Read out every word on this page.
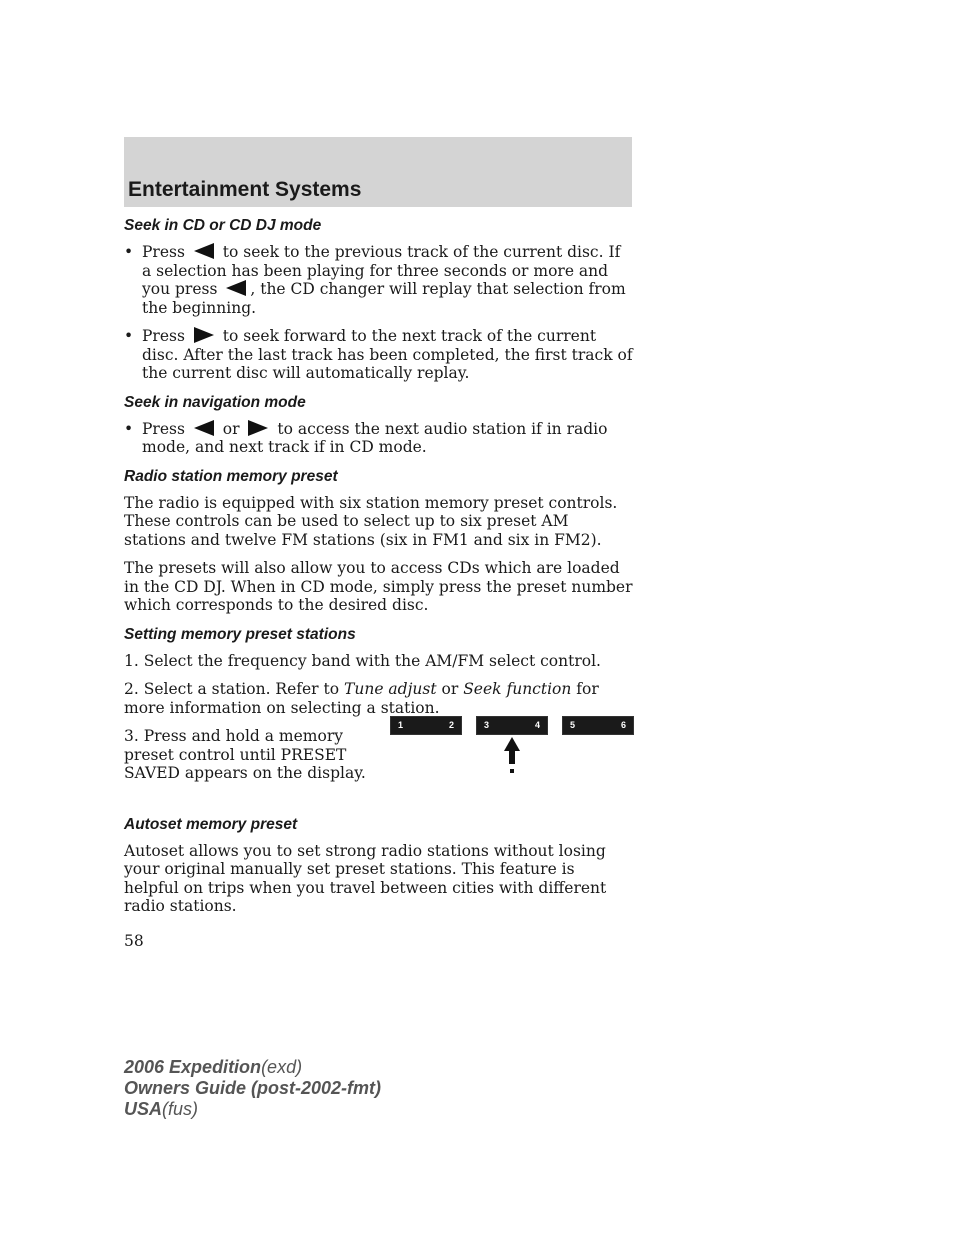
Entertainment Systems
Seek in CD or CD DJ mode
• Press to seek to the previous track of the current disc. If a selection has been playing for three seconds or more and you press , the CD changer will replay that selection from the beginning.
• Press to seek forward to the next track of the current disc. After the last track has been completed, the first track of the current disc will automatically replay.
Seek in navigation mode
• Press or to access the next audio station if in radio mode, and next track if in CD mode.
Radio station memory preset

The radio is equipped with six station memory preset controls. These controls can be used to select up to six preset AM stations and twelve FM stations (six in FM1 and six in FM2).

The presets will also allow you to access CDs which are loaded in the CD DJ. When in CD mode, simply press the preset number which corresponds to the desired disc.

Setting memory preset stations

1. Select the frequency band with the AM/FM select control.

2. Select a station. Refer to Tune adjust or Seek function for more information on selecting a station.

3. Press and hold a memory preset control until PRESET SAVED appears on the display.

Autoset memory preset

Autoset allows you to set strong radio stations without losing your original manually set preset stations. This feature is helpful on trips when you travel between cities with different radio stations.

1	2	3	4	5	6
58
2006 Expedition(exd)
Owners Guide (post-2002-fmt)
USA(fus)
